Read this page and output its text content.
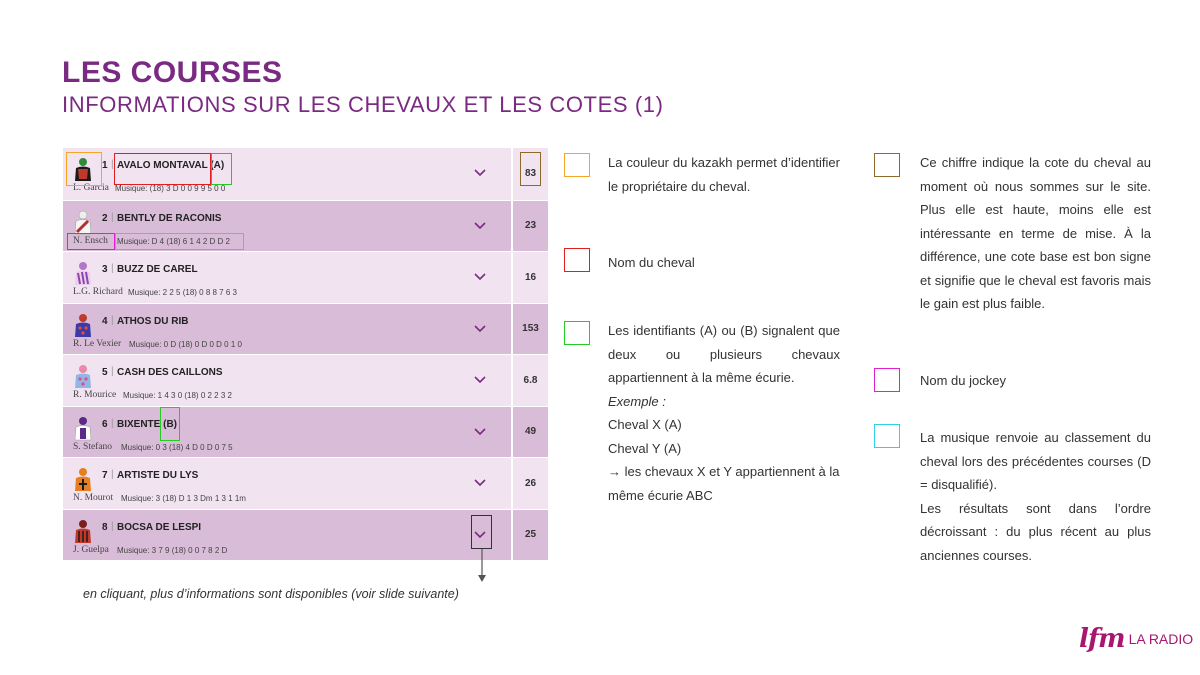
LES COURSES
INFORMATIONS SUR LES CHEVAUX ET LES COTES (1)
1 | AVALO MONTAVAL (A)
L. Garcia Musique: (18) 3 D 0 0 9 9 5 0 0
83
2 | BENTLY DE RACONIS
N. Ensch Musique: D 4 (18) 6 1 4 2 D D 2
23
3 | BUZZ DE CAREL
L.G. Richard Musique: 2 2 5 (18) 0 8 8 7 6 3
16
4 | ATHOS DU RIB
R. Le Vexier Musique: 0 D (18) 0 D 0 D 0 1 0
153
5 | CASH DES CAILLONS
R. Mourice Musique: 1 4 3 0 (18) 0 2 2 3 2
6.8
6 | BIXENTE (B)
S. Stefano Musique: 0 3 (18) 4 D 0 D 0 7 5
49
7 | ARTISTE DU LYS
N. Mourot Musique: 3 (18) D 1 3 Dm 1 3 1 1m
26
8 | BOCSA DE LESPI
J. Guelpa Musique: 3 7 9 (18) 0 0 7 8 2 D
25
en cliquant, plus d’informations sont disponibles (voir slide suivante)

La couleur du kazakh permet d’identifier le propriétaire du cheval.

Nom du cheval

Les identifiants (A) ou (B) signalent que deux ou plusieurs chevaux appartiennent à la même écurie.

Exemple :

Cheval X (A)

Cheval Y (A)

→ les chevaux X et Y appartiennent à la même écurie ABC

Ce chiffre indique la cote du cheval au moment où nous sommes sur le site. Plus elle est haute, moins elle est intéressante en terme de mise. À la différence, une cote base est bon signe et signifie que le cheval est favoris mais le gain est plus faible.

Nom du jockey

La musique renvoie au classement du cheval lors des précédentes courses (D = disqualifié).

Les résultats sont dans l’ordre décroissant : du plus récent au plus anciennes courses.

lfm LA RADIO
